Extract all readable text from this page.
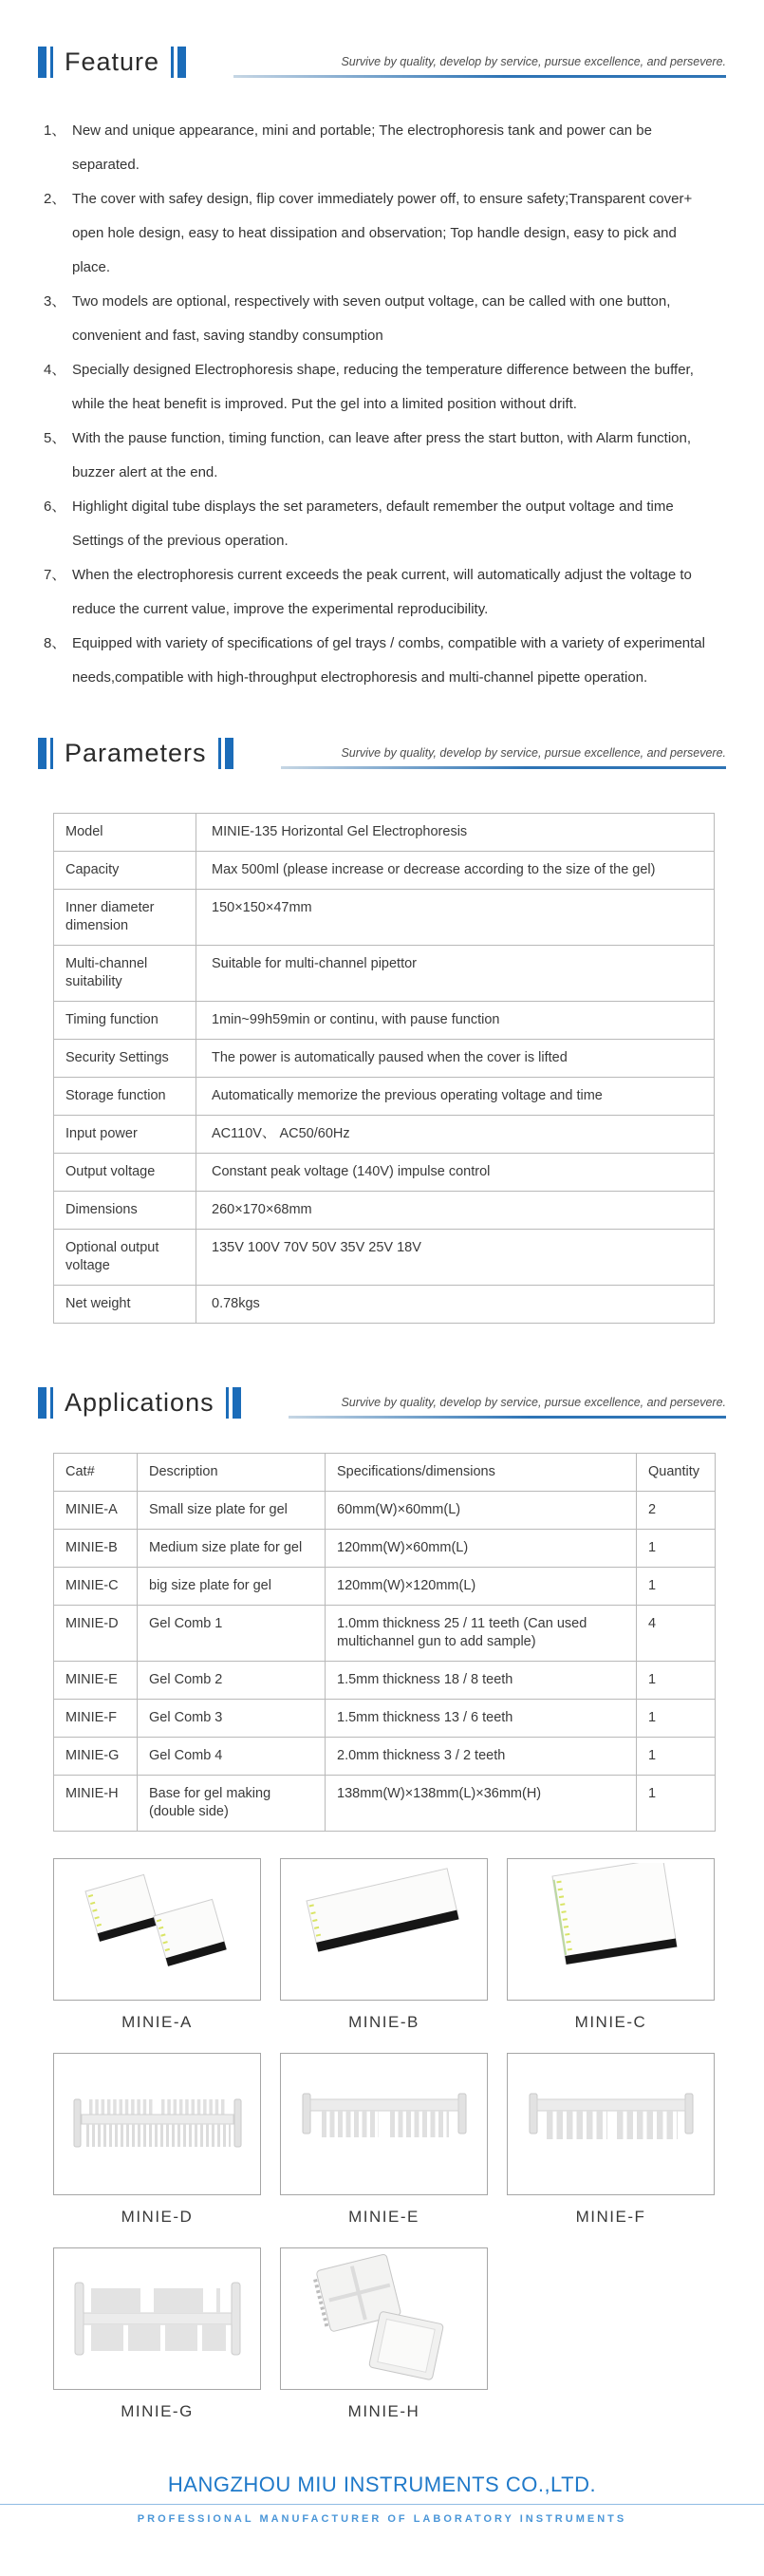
Feature	Survive by quality, develop by service, pursue excellence, and persevere.
1、 New and unique appearance, mini and portable; The electrophoresis tank and power can be separated.
2、 The cover with safey design, flip cover immediately power off, to ensure safety;Transparent cover+ open hole design, easy to heat dissipation and observation; Top handle design, easy to pick and place.
3、 Two models are optional, respectively with seven output voltage, can be called with one button, convenient and fast, saving standby consumption
4、 Specially designed Electrophoresis shape, reducing the temperature difference between the buffer, while the heat benefit is improved. Put the gel into a limited position without drift.
5、 With the pause function, timing function, can leave after press the start button, with Alarm function, buzzer alert at the end.
6、 Highlight digital tube displays the set parameters, default remember the output voltage and time Settings of the previous operation.
7、 When the electrophoresis current exceeds the peak current, will automatically adjust the voltage to reduce the current value, improve the experimental reproducibility.
8、 Equipped with variety of specifications of gel trays / combs, compatible with a variety of experimental needs,compatible with high-throughput electrophoresis and multi-channel pipette operation.
Parameters	Survive by quality, develop by service, pursue excellence, and persevere.
Model	MINIE-135 Horizontal Gel Electrophoresis
Capacity	Max 500ml (please increase or decrease according to the size of the gel)
Inner diameter dimension	150×150×47mm
Multi-channel suitability	Suitable for multi-channel pipettor
Timing function	1min~99h59min or continu, with pause function
Security Settings	The power is automatically paused when the cover is lifted
Storage function	Automatically memorize the previous operating voltage and time
Input power	AC110V、 AC50/60Hz
Output voltage	Constant peak voltage (140V) impulse control
Dimensions	260×170×68mm
Optional output voltage	135V 100V 70V 50V 35V 25V 18V
Net weight	0.78kgs
Applications	Survive by quality, develop by service, pursue excellence, and persevere.
Cat#	Description	Specifications/dimensions	Quantity
MINIE-A	Small size plate for gel	60mm(W)×60mm(L)	2
MINIE-B	Medium size plate for gel	120mm(W)×60mm(L)	1
MINIE-C	big size plate for gel	120mm(W)×120mm(L)	1
MINIE-D	Gel Comb 1	1.0mm thickness 25 / 11 teeth (Can used multichannel gun to add sample)	4
MINIE-E	Gel Comb 2	1.5mm thickness 18 / 8 teeth	1
MINIE-F	Gel Comb 3	1.5mm thickness 13 / 6 teeth	1
MINIE-G	Gel Comb 4	2.0mm thickness 3 / 2 teeth	1
MINIE-H	Base for gel making (double side)	138mm(W)×138mm(L)×36mm(H)	1
MINIE-A	MINIE-B	MINIE-C
MINIE-D	MINIE-E	MINIE-F
MINIE-G	MINIE-H
HANGZHOU MIU INSTRUMENTS CO.,LTD.
PROFESSIONAL MANUFACTURER OF LABORATORY INSTRUMENTS
